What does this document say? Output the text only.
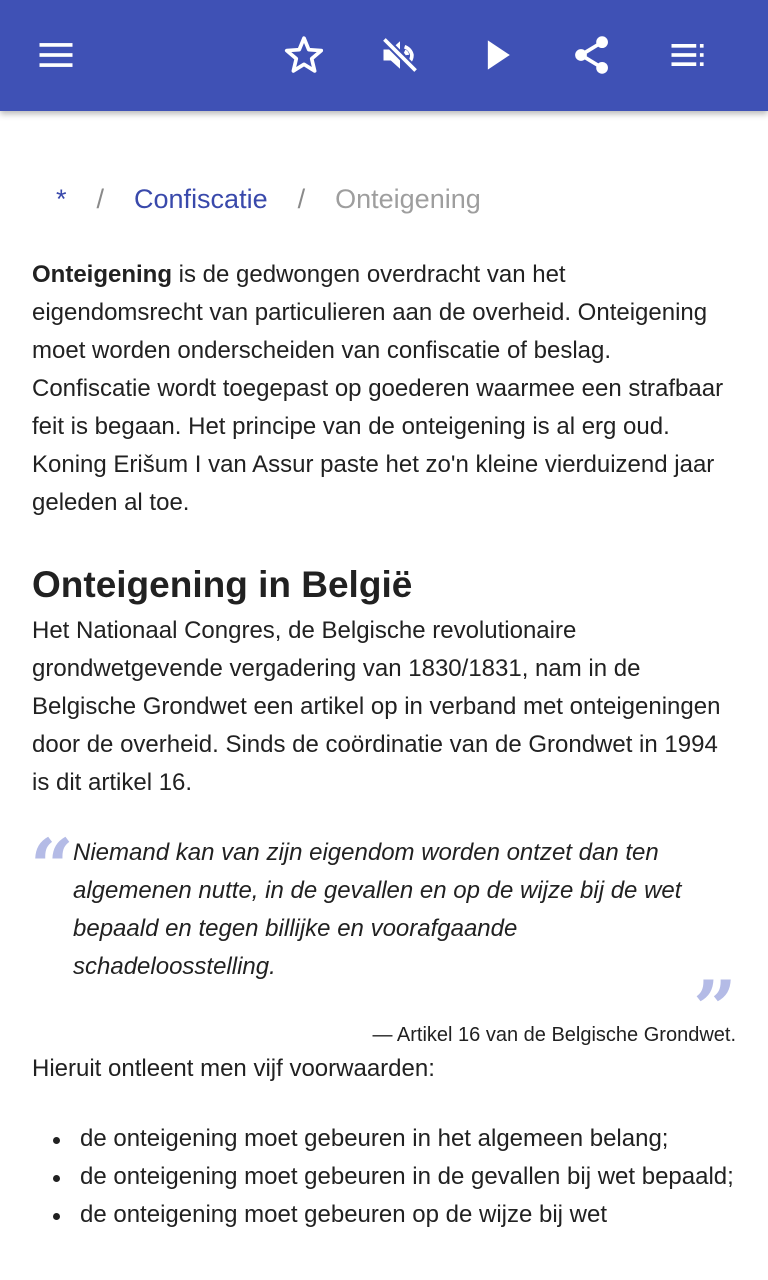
* / Confiscatie / Onteigening

Onteigening is de gedwongen overdracht van het eigendomsrecht van particulieren aan de overheid. Onteigening moet worden onderscheiden van confiscatie of beslag. Confiscatie wordt toegepast op goederen waarmee een strafbaar feit is begaan. Het principe van de onteigening is al erg oud. Koning Erišum I van Assur paste het zo'n kleine vierduizend jaar geleden al toe.

Onteigening in België

Het Nationaal Congres, de Belgische revolutionaire grondwetgevende vergadering van 1830/1831, nam in de Belgische Grondwet een artikel op in verband met onteigeningen door de overheid. Sinds de coördinatie van de Grondwet in 1994 is dit artikel 16.

“ Niemand kan van zijn eigendom worden ontzet dan ten algemenen nutte, in de gevallen en op de wijze bij de wet bepaald en tegen billijke en voorafgaande schadeloosstelling.	”
— Artikel 16 van de Belgische Grondwet.

Hieruit ontleent men vijf voorwaarden:

de onteigening moet gebeuren in het algemeen belang;
de onteigening moet gebeuren in de gevallen bij wet bepaald;
de onteigening moet gebeuren op de wijze bij wet
